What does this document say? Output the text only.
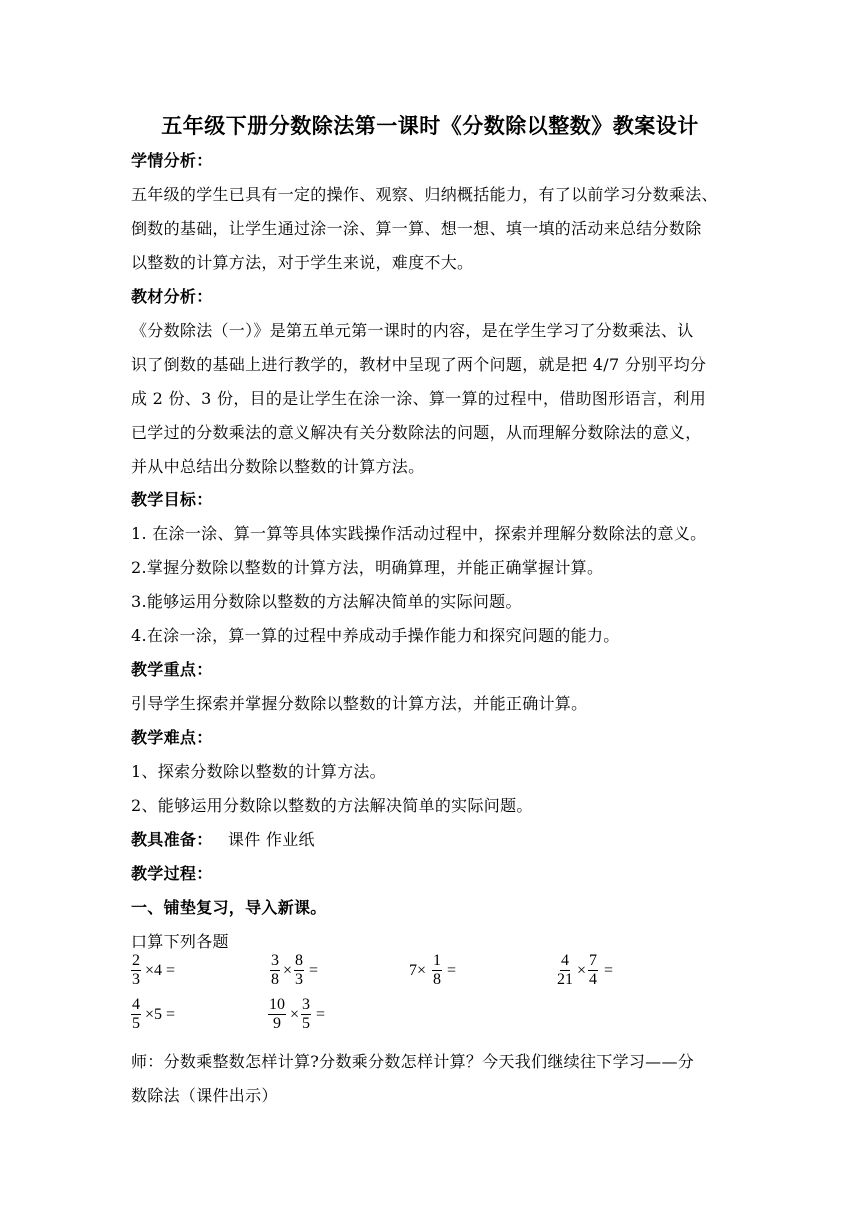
五年级下册分数除法第一课时《分数除以整数》教案设计
学情分析：
五年级的学生已具有一定的操作、观察、归纳概括能力，有了以前学习分数乘法、
倒数的基础，让学生通过涂一涂、算一算、想一想、填一填的活动来总结分数除
以整数的计算方法，对于学生来说，难度不大。
教材分析：
《分数除法（一）》是第五单元第一课时的内容，是在学生学习了分数乘法、认
识了倒数的基础上进行教学的，教材中呈现了两个问题，就是把 4/7 分别平均分
成 2 份、3 份，目的是让学生在涂一涂、算一算的过程中，借助图形语言，利用
已学过的分数乘法的意义解决有关分数除法的问题，从而理解分数除法的意义，
并从中总结出分数除以整数的计算方法。
教学目标：
1. 在涂一涂、算一算等具体实践操作活动过程中，探索并理解分数除法的意义。
2.掌握分数除以整数的计算方法，明确算理，并能正确掌握计算。
3.能够运用分数除以整数的方法解决简单的实际问题。
4.在涂一涂，算一算的过程中养成动手操作能力和探究问题的能力。
教学重点：
引导学生探索并掌握分数除以整数的计算方法，并能正确计算。
教学难点：
1、探索分数除以整数的计算方法。
2、能够运用分数除以整数的方法解决简单的实际问题。
教具准备： 课件 作业纸
教学过程：
一、铺垫复习，导入新课。
口算下列各题
$\frac{2}{3} \times 4$ =	$\frac{3}{8} \times \frac{8}{3}$ =	$7\times \frac{1}{8}$ =	$\frac{4}{21} \times \frac{7}{4}$ =
$\frac{4}{5} \times 5$ =	$\frac{10}{9} \times \frac{3}{5}$ =
师：分数乘整数怎样计算?分数乘分数怎样计算？今天我们继续往下学习——分
数除法（课件出示）
